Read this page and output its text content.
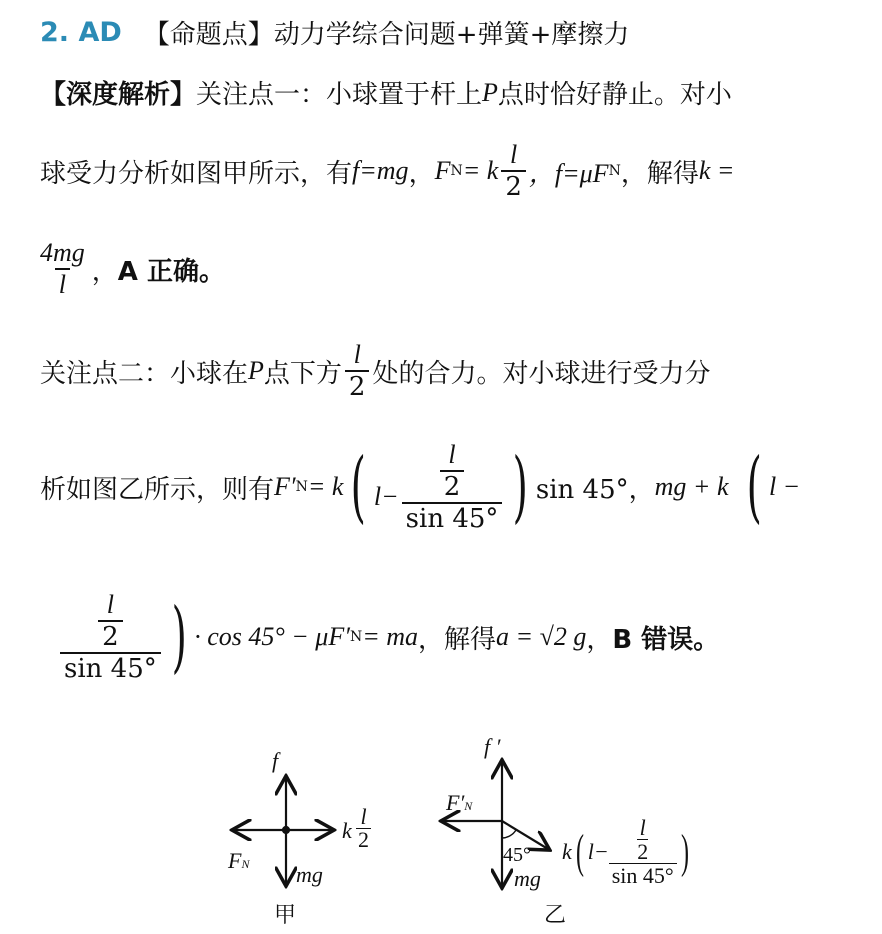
2. AD 【命题点】 动力学综合问题+弹簧+摩擦力
【深度解析】 关注点一：小球置于杆上 P 点时恰好静止。对小
球受力分析如图甲所示，有 f=mg ， F N = k $\frac{l}{2}$ ，f=μF N ，解得 k =
$\frac{4mg}{l}$ ， A 正确。
关注点二：小球在 P 点下方 $\frac{l}{2}$ 处的合力。对小球进行受力分
析如图乙所示，则有 F′ N = k ( $l- \frac{\frac{l}{2}}{\sin 45^\circ}$ ) sin 45°， mg + k ( l −
$\frac{\frac{l}{2}}{\sin 45^\circ}$ ) · cos 45° − μF′ N = ma ，解得 a = √2 g ， B 错误。
f
k $\frac{l}{2}$
FN mg
甲
f ′
F′N
45°
mg
k ( l−
l
2
sin 45° )
乙
